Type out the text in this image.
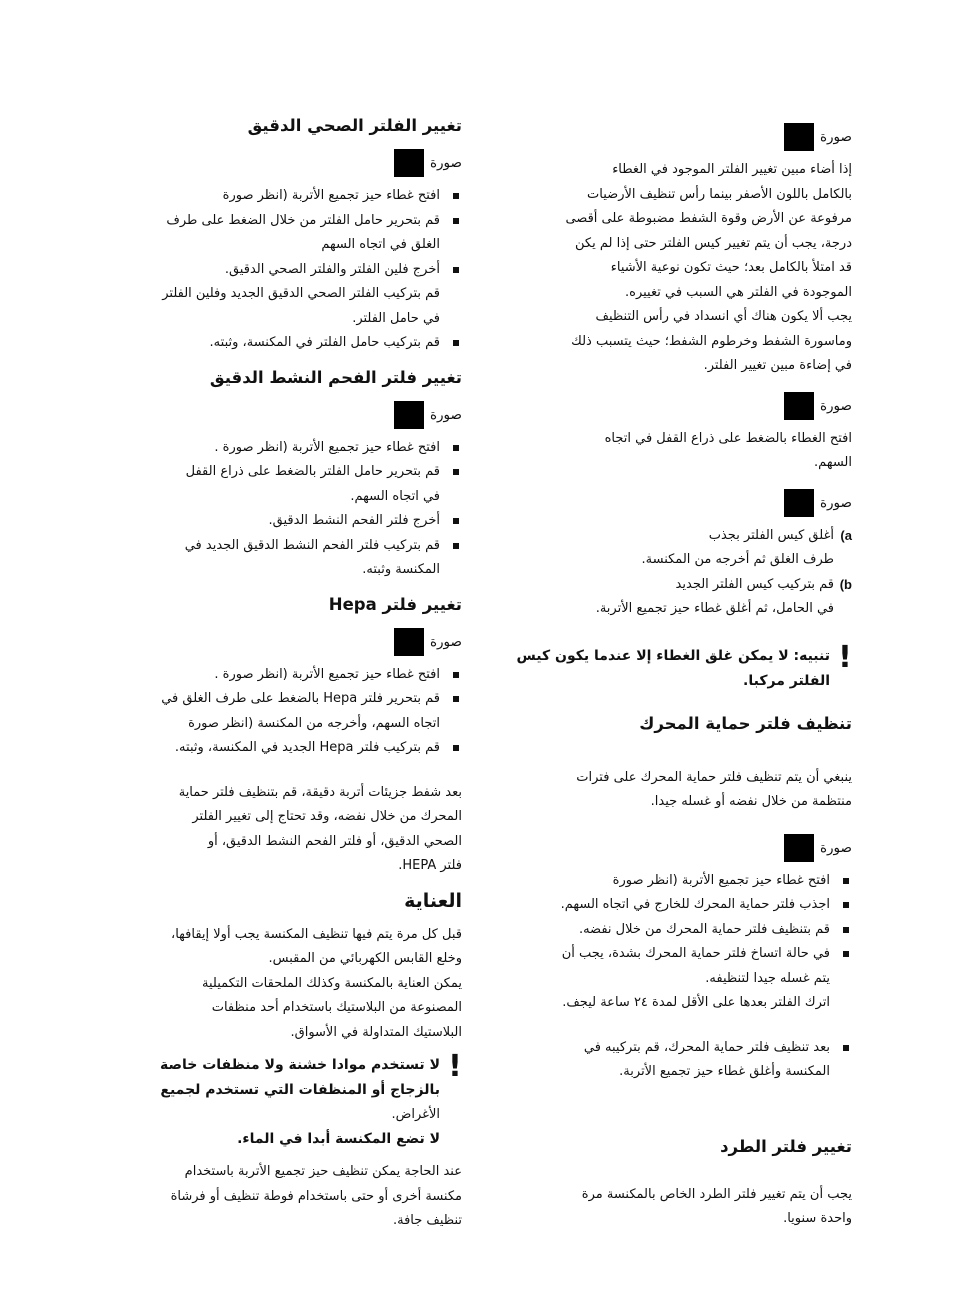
صورة

إذا أضاء مبين تغيير الفلتر الموجود في الغطاء

بالكامل باللون الأصفر بينما رأس تنظيف الأرضيات

مرفوعة عن الأرض وقوة الشفط مضبوطة على أقصى

درجة، يجب أن يتم تغيير كيس الفلتر حتى إذا لم يكن

قد امتلأ بالكامل بعد؛ حيث تكون نوعية الأشياء

الموجودة في الفلتر هي السبب في تغييره.

يجب ألا يكون هناك أي انسداد في رأس التنظيف

وماسورة الشفط وخرطوم الشفط؛ حيث يتسبب ذلك

في إضاءة مبين تغيير الفلتر.

صورة

افتح الغطاء بالضغط على ذراع القفل في اتجاه

السهم.

صورة
a)

أغلق كيس الفلتر بجذب

طرف الغلق ثم أخرجه من المكنسة.

b)

قم بتركيب كيس الفلتر الجديد

في الحامل، ثم أغلق غطاء حيز تجميع الأتربة.

!
تنبيه: لا يمكن غلق الغطاء إلا عندما يكون كيس
الفلتر مركبا.
تنظيف فلتر حماية المحرك

ينبغي أن يتم تنظيف فلتر حماية المحرك على فترات

منتظمة من خلال نفضه أو غسله جيدا.

صورة
افتح غطاء حيز تجميع الأتربة (انظر صورة
اجذب فلتر حماية المحرك للخارج في اتجاه السهم.
قم بتنظيف فلتر حماية المحرك من خلال نفضه.
في حالة اتساخ فلتر حماية المحرك بشدة، يجب أن
يتم غسله جيدا لتنظيفه.

اترك الفلتر بعدها على الأقل لمدة ٢٤ ساعة ليجف.

بعد تنظيف فلتر حماية المحرك، قم بتركيبه في
المكنسة وأغلق غطاء حيز تجميع الأتربة.
تغيير فلتر الطرد

يجب أن يتم تغيير فلتر الطرد الخاص بالمكنسة مرة

واحدة سنويا.

تغيير الفلتر الصحي الدقيق
صورة
افتح غطاء حيز تجميع الأتربة (انظر صورة
قم بتحرير حامل الفلتر من خلال الضغط على طرف
الغلق في اتجاه السهم
أخرج فلين الفلتر والفلتر الصحي الدقيق.

قم بتركيب الفلتر الصحي الدقيق الجديد وفلين الفلتر

في حامل الفلتر.

قم بتركيب حامل الفلتر في المكنسة، وثبته.
تغيير فلتر الفحم النشط الدقيق
صورة
افتح غطاء حيز تجميع الأتربة (انظر صورة .
قم بتحرير حامل الفلتر بالضغط على ذراع القفل
في اتجاه السهم.
أخرج فلتر الفحم النشط الدقيق.
قم بتركيب فلتر الفحم النشط الدقيق الجديد في
المكنسة وثبته.
تغيير فلتر Hepa
صورة
افتح غطاء حيز تجميع الأتربة (انظر صورة .
قم بتحرير فلتر Hepa بالضغط على طرف الغلق في
اتجاه السهم، وأخرجه من المكنسة (انظر صورة
قم بتركيب فلتر Hepa الجديد في المكنسة، وثبته.

بعد شفط جزيئات أتربة دقيقة، قم بتنظيف فلتر حماية

المحرك من خلال نفضه، وقد تحتاج إلى تغيير الفلتر

الصحي الدقيق، أو فلتر الفحم النشط الدقيق، أو

فلتر HEPA.

العناية

قبل كل مرة يتم فيها تنظيف المكنسة يجب أولا إيقافها،

وخلع القابس الكهربائي من المقبس.

يمكن العناية بالمكنسة وكذلك الملحقات التكميلية

المصنوعة من البلاستيك باستخدام أحد منظفات

البلاستيك المتداولة في الأسواق.

!
لا تستخدم موادا خشنة ولا منظفات خاصة
بالزجاج أو المنظفات التي تستخدم لجميع
الأغراض.
لا تضع المكنسة أبدا في الماء.

عند الحاجة يمكن تنظيف حيز تجميع الأتربة باستخدام

مكنسة أخرى أو حتى باستخدام فوطة تنظيف أو فرشاة

تنظيف جافة.
